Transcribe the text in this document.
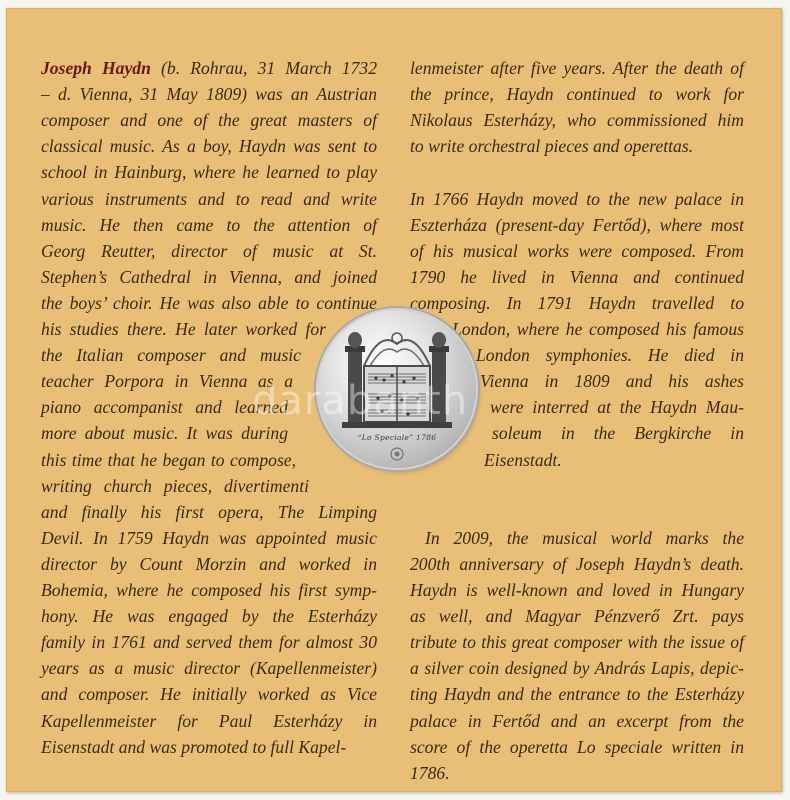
Joseph Haydn (b. Rohrau, 31 March 1732
– d. Vienna, 31 May 1809) was an Austrian
composer and one of the great masters of
classical music. As a boy, Haydn was sent to
school in Hainburg, where he learned to play
various instruments and to read and write
music. He then came to the attention of
Georg Reutter, director of music at St.
Stephen’s Cathedral in Vienna, and joined
the boys’ choir. He was also able to continue
his studies there. He later worked for
the Italian composer and music
teacher Porpora in Vienna as a
piano accompanist and learned
more about music. It was during
this time that he began to compose,
writing church pieces, divertimenti
and finally his first opera, The Limping
Devil. In 1759 Haydn was appointed music
director by Count Morzin and worked in
Bohemia, where he composed his first symp-
hony. He was engaged by the Esterházy
family in 1761 and served them for almost 30
years as a music director (Kapellenmeister)
and composer. He initially worked as Vice
Kapellenmeister for Paul Esterházy in
Eisenstadt and was promoted to full Kapel-
lenmeister after five years. After the death of
the prince, Haydn continued to work for
Nikolaus Esterházy, who commissioned him
to write orchestral pieces and operettas.
In 1766 Haydn moved to the new palace in
Eszterháza (present-day Fertőd), where most
of his musical works were composed. From
1790 he lived in Vienna and continued
composing. In 1791 Haydn travelled to
London, where he composed his famous
London symphonies. He died in
Vienna in 1809 and his ashes
were interred at the Haydn Mau-
soleum in the Bergkirche in
Eisenstadt.
In 2009, the musical world marks the
200th anniversary of Joseph Haydn’s death.
Haydn is well-known and loved in Hungary
as well, and Magyar Pénzverő Zrt. pays
tribute to this great composer with the issue of
a silver coin designed by András Lapis, depic-
ting Haydn and the entrance to the Esterházy
palace in Fertőd and an excerpt from the
score of the operetta Lo speciale written in
1786.
“Lo Speciale” 1786
darabanth
